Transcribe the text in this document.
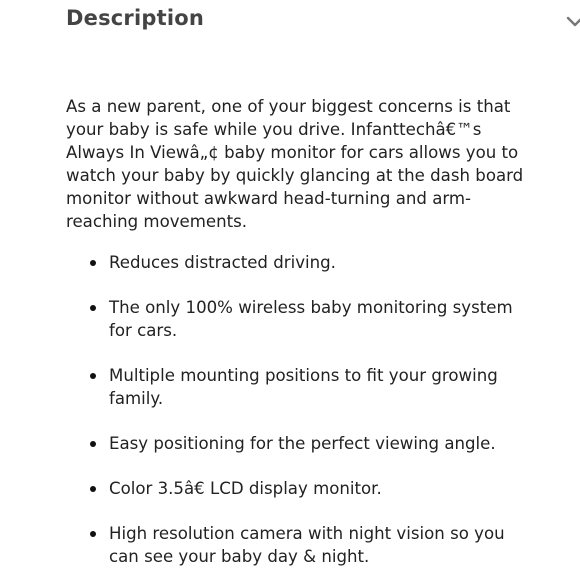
Description
As a new parent, one of your biggest concerns is that your baby is safe while you drive. Infanttechâ€™s Always In Viewâ„¢ baby monitor for cars allows you to watch your baby by quickly glancing at the dash board monitor without awkward head-turning and arm-reaching movements.
Reduces distracted driving.
The only 100% wireless baby monitoring system for cars.
Multiple mounting positions to fit your growing family.
Easy positioning for the perfect viewing angle.
Color 3.5â€ LCD display monitor.
High resolution camera with night vision so you can see your baby day & night.
